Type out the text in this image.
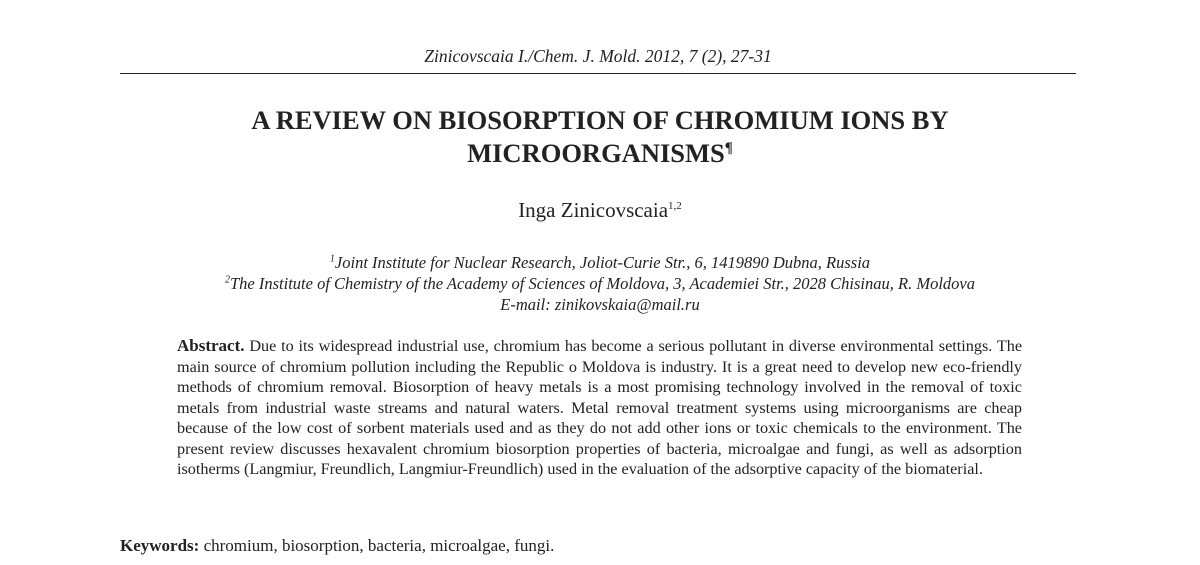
Zinicovscaia I./Chem. J. Mold. 2012, 7 (2), 27-31
A REVIEW ON BIOSORPTION OF CHROMIUM IONS BY MICROORGANISMS¶
Inga Zinicovscaia$^{1,2}$
$^1$Joint Institute for Nuclear Research, Joliot-Curie Str., 6, 1419890 Dubna, Russia
$^2$The Institute of Chemistry of the Academy of Sciences of Moldova, 3, Academiei Str., 2028 Chisinau, R. Moldova
E-mail: zinikovskaia@mail.ru

Abstract. Due to its widespread industrial use, chromium has become a serious pollutant in diverse environmental settings. The main source of chromium pollution including the Republic o Moldova is industry. It is a great need to develop new eco-friendly methods of chromium removal. Biosorption of heavy metals is a most promising technology involved in the removal of toxic metals from industrial waste streams and natural waters. Metal removal treatment systems using microorganisms are cheap because of the low cost of sorbent materials used and as they do not add other ions or toxic chemicals to the environment. The present review discusses hexavalent chromium biosorption properties of bacteria, microalgae and fungi, as well as adsorption isotherms (Langmiur, Freundlich, Langmiur-Freundlich) used in the evaluation of the adsorptive capacity of the biomaterial.

Keywords: chromium, biosorption, bacteria, microalgae, fungi.
